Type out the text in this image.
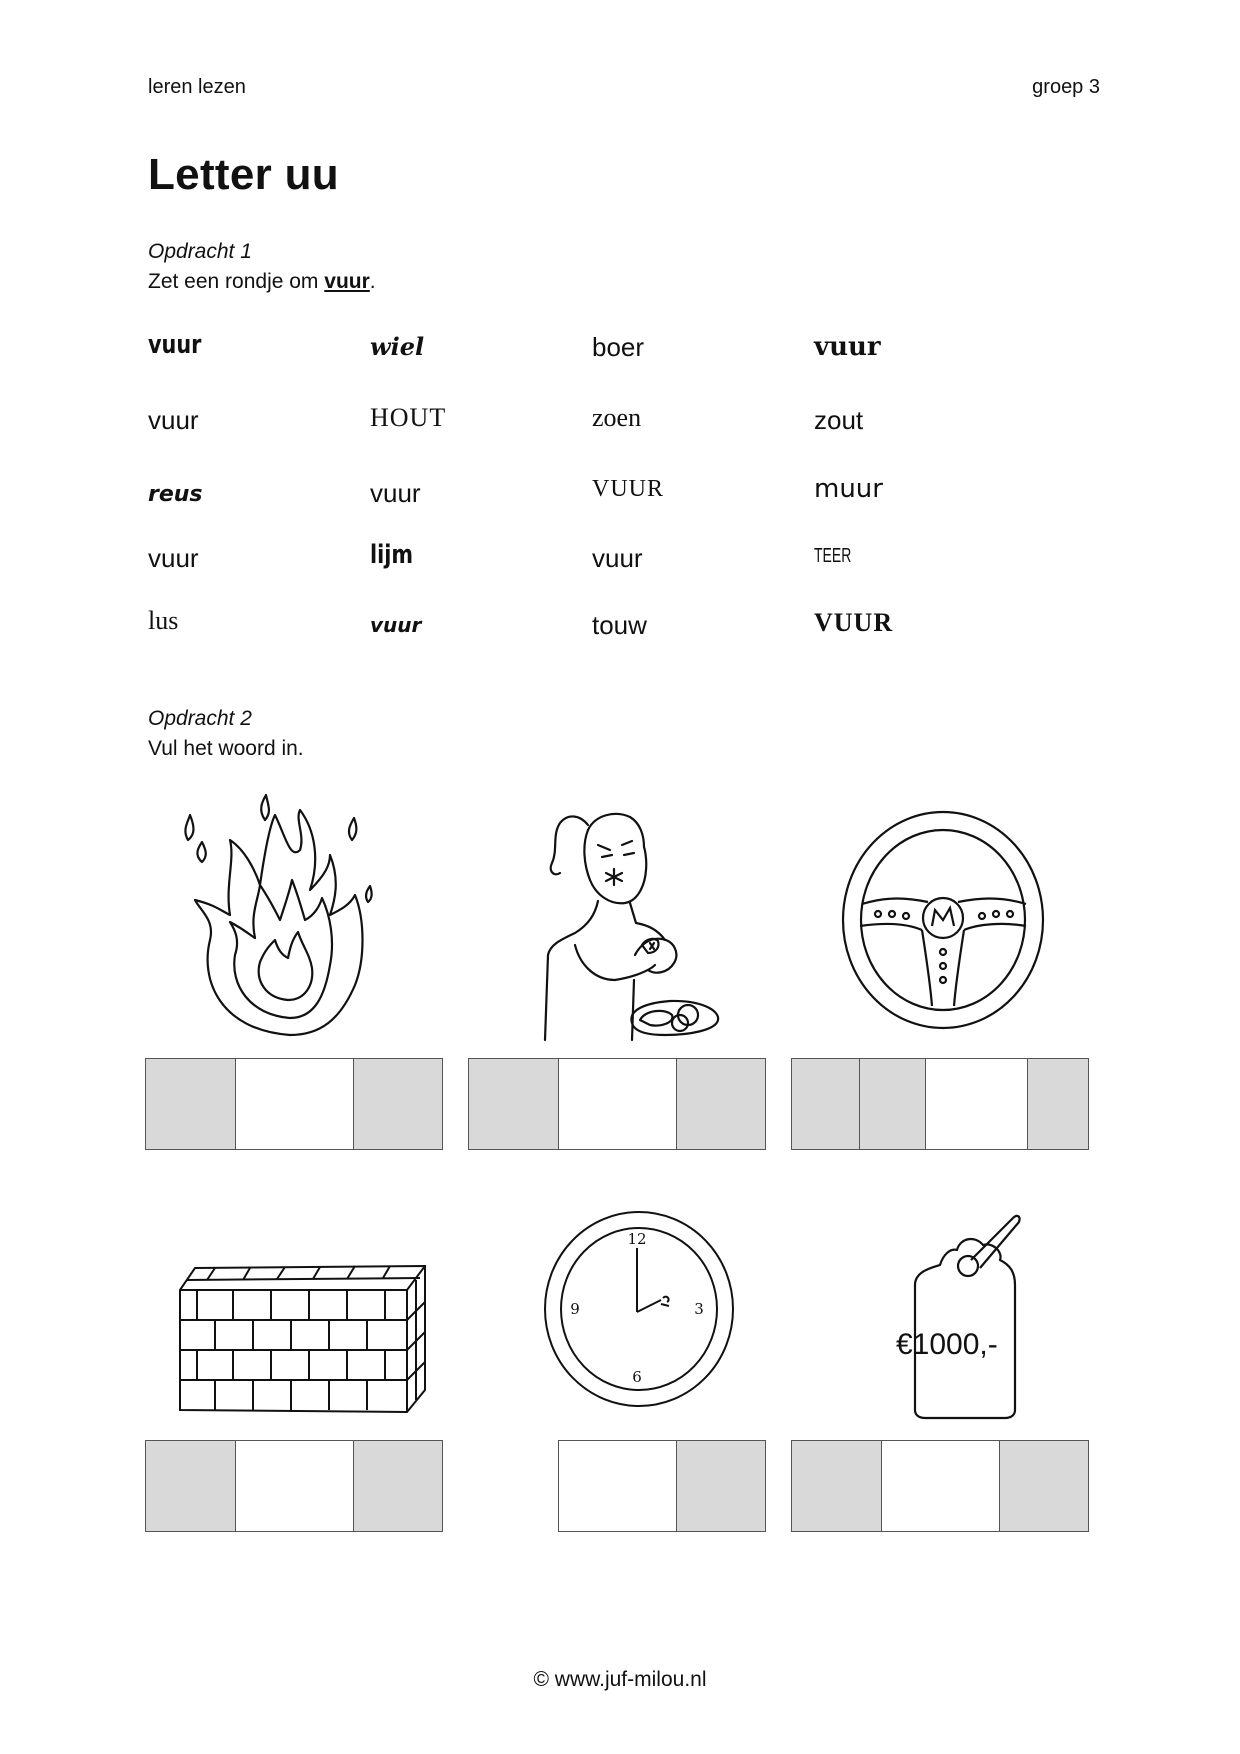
leren lezen	groep 3
Letter uu
Opdracht 1
Zet een rondje om vuur.
vuur	wiel	boer	vuur
vuur	HOUT	zoen	zout
reus	vuur	VUUR	muur
vuur	lijm	vuur	TEER
lus	vuur	touw	VUUR
Opdracht 2
Vul het woord in.
12
3
6
9
€1000,-
© www.juf-milou.nl
